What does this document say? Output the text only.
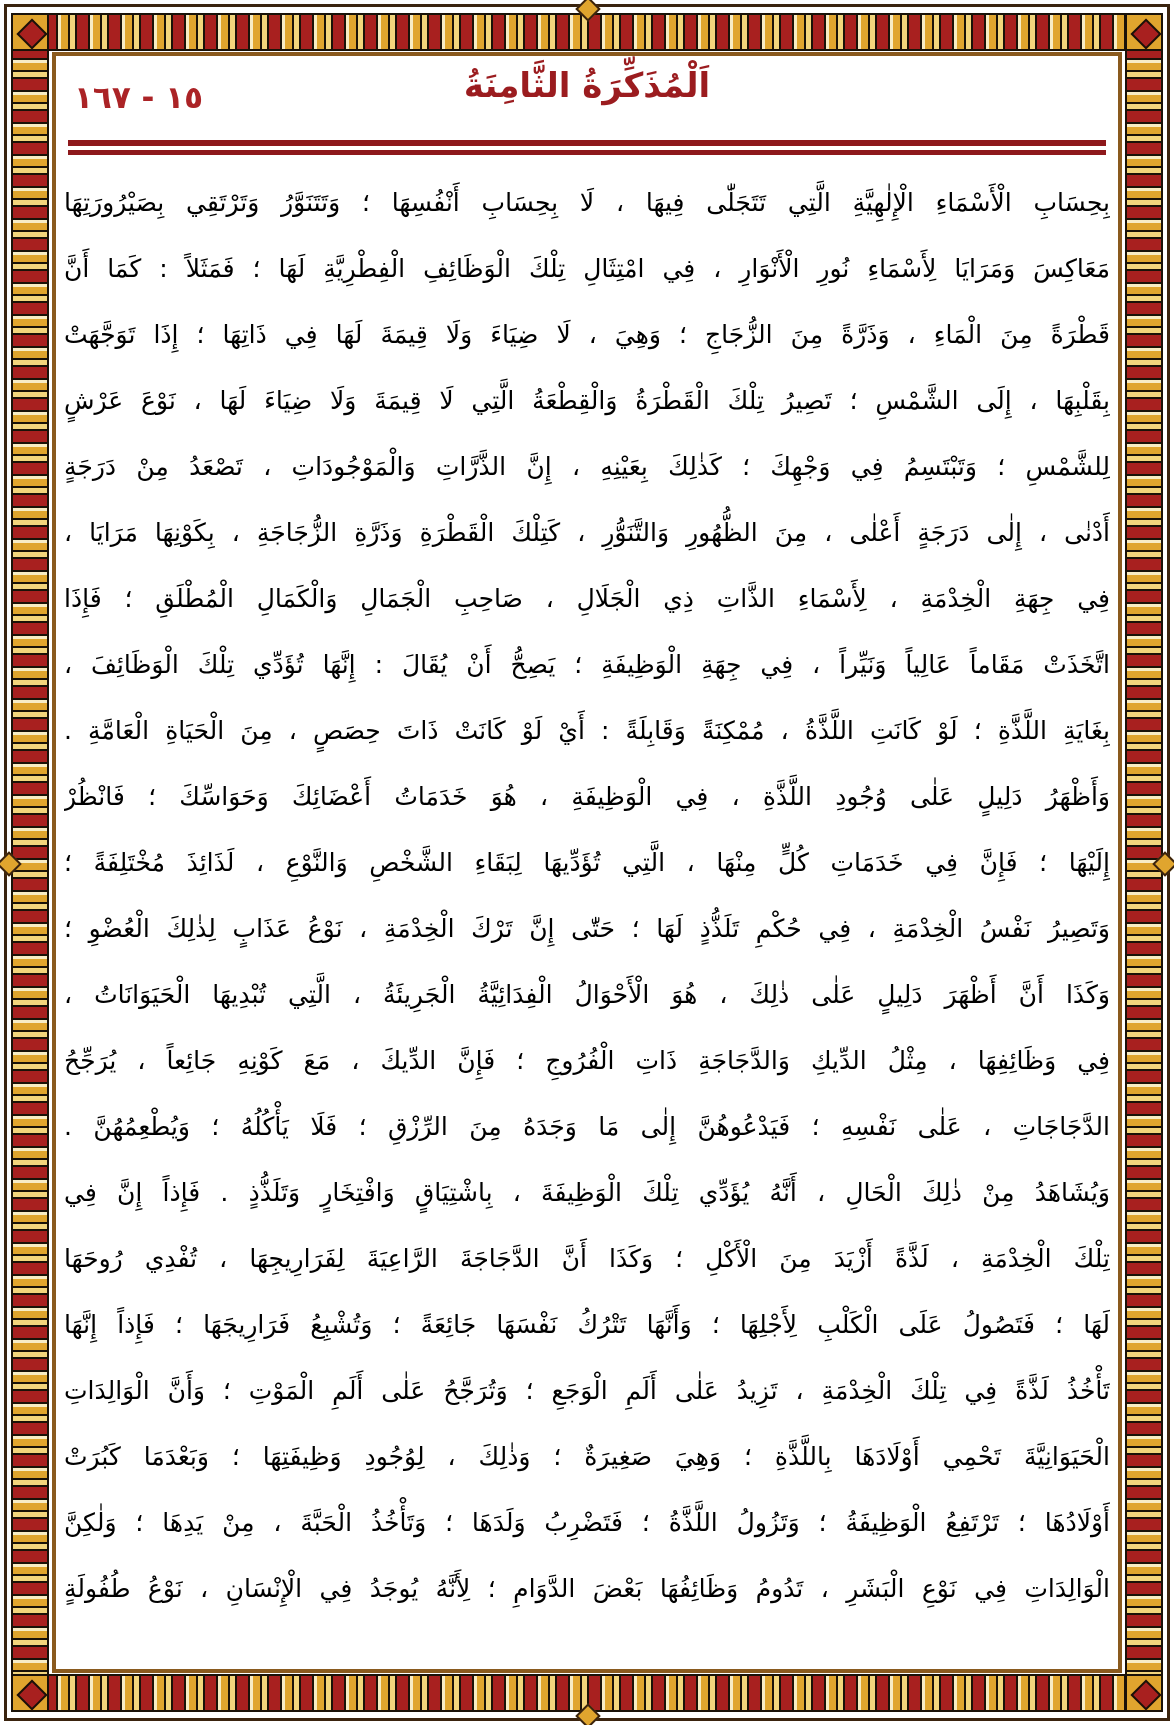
١٥ - ١٦٧	اَلْمُذَكِّرَةُ الثَّامِنَةُ

بِحِسَابِ الْأَسْمَاءِ الْإِلٰهِيَّةِ الَّتِي تَتَجَلّٰى فِيهَا ، لَا بِحِسَابِ أَنْفُسِهَا ؛ وَتَتَنَوَّرُ وَتَرْتَقِي بِصَيْرُورَتِهَا

مَعَاكِسَ وَمَرَايَا لِأَسْمَاءِ نُورِ الْأَنْوَارِ ، فِي امْتِثَالِ تِلْكَ الْوَظَائِفِ الْفِطْرِيَّةِ لَهَا ؛ فَمَثَلاً : كَمَا أَنَّ

قَطْرَةً مِنَ الْمَاءِ ، وَذَرَّةً مِنَ الزُّجَاجِ ؛ وَهِيَ ، لَا ضِيَاءَ وَلَا قِيمَةَ لَهَا فِي ذَاتِهَا ؛ إِذَا تَوَجَّهَتْ

بِقَلْبِهَا ، إِلَى الشَّمْسِ ؛ تَصِيرُ تِلْكَ الْقَطْرَةُ وَالْقِطْعَةُ الَّتِي لَا قِيمَةَ وَلَا ضِيَاءَ لَهَا ، نَوْعَ عَرْشٍ

لِلشَّمْسِ ؛ وَتَبْتَسِمُ فِي وَجْهِكَ ؛ كَذٰلِكَ بِعَيْنِهِ ، إِنَّ الذَّرَّاتِ وَالْمَوْجُودَاتِ ، تَصْعَدُ مِنْ دَرَجَةٍ

أَدْنٰى ، إِلٰى دَرَجَةٍ أَعْلٰى ، مِنَ الظُّهُورِ وَالتَّنَوُّرِ ، كَتِلْكَ الْقَطْرَةِ وَذَرَّةِ الزُّجَاجَةِ ، بِكَوْنِهَا مَرَايَا ،

فِي جِهَةِ الْخِدْمَةِ ، لِأَسْمَاءِ الذَّاتِ ذِي الْجَلَالِ ، صَاحِبِ الْجَمَالِ وَالْكَمَالِ الْمُطْلَقِ ؛ فَإِذَا

اتَّخَذَتْ مَقَاماً عَالِياً وَنَيِّراً ، فِي جِهَةِ الْوَظِيفَةِ ؛ يَصِحُّ أَنْ يُقَالَ : إِنَّهَا تُؤَدِّي تِلْكَ الْوَظَائِفَ ،

بِغَايَةِ اللَّذَّةِ ؛ لَوْ كَانَتِ اللَّذَّةُ ، مُمْكِنَةً وَقَابِلَةً : أَيْ لَوْ كَانَتْ ذَاتَ حِصَصٍ ، مِنَ الْحَيَاةِ الْعَامَّةِ .

وَأَظْهَرُ دَلِيلٍ عَلٰى وُجُودِ اللَّذَّةِ ، فِي الْوَظِيفَةِ ، هُوَ خَدَمَاتُ أَعْضَائِكَ وَحَوَاسِّكَ ؛ فَانْظُرْ

إِلَيْهَا ؛ فَإِنَّ فِي خَدَمَاتِ كُلٍّ مِنْهَا ، الَّتِي تُؤَدِّيهَا لِبَقَاءِ الشَّخْصِ وَالنَّوْعِ ، لَذَائِذَ مُخْتَلِفَةً ؛

وَتَصِيرُ نَفْسُ الْخِدْمَةِ ، فِي حُكْمِ تَلَذُّذٍ لَهَا ؛ حَتّٰى إِنَّ تَرْكَ الْخِدْمَةِ ، نَوْعُ عَذَابٍ لِذٰلِكَ الْعُضْوِ ؛

وَكَذَا أَنَّ أَظْهَرَ دَلِيلٍ عَلٰى ذٰلِكَ ، هُوَ الْأَحْوَالُ الْفِدَائِيَّةُ الْجَرِيئَةُ ، الَّتِي تُبْدِيهَا الْحَيَوَانَاتُ ،

فِي وَظَائِفِهَا ، مِثْلُ الدِّيكِ وَالدَّجَاجَةِ ذَاتِ الْفُرُوجِ ؛ فَإِنَّ الدِّيكَ ، مَعَ كَوْنِهِ جَائِعاً ، يُرَجِّحُ

الدَّجَاجَاتِ ، عَلٰى نَفْسِهِ ؛ فَيَدْعُوهُنَّ إِلٰى مَا وَجَدَهُ مِنَ الرِّزْقِ ؛ فَلَا يَأْكُلُهُ ؛ وَيُطْعِمُهُنَّ .

وَيُشَاهَدُ مِنْ ذٰلِكَ الْحَالِ ، أَنَّهُ يُؤَدِّي تِلْكَ الْوَظِيفَةَ ، بِاشْتِيَاقٍ وَافْتِخَارٍ وَتَلَذُّذٍ . فَإِذاً إِنَّ فِي

تِلْكَ الْخِدْمَةِ ، لَذَّةً أَزْيَدَ مِنَ الْأَكْلِ ؛ وَكَذَا أَنَّ الدَّجَاجَةَ الرَّاعِيَةَ لِفَرَارِيجِهَا ، تُفْدِي رُوحَهَا

لَهَا ؛ فَتَصُولُ عَلَى الْكَلْبِ لِأَجْلِهَا ؛ وَأَنَّهَا تَتْرُكُ نَفْسَهَا جَائِعَةً ؛ وَتُشْبِعُ فَرَارِيجَهَا ؛ فَإِذاً إِنَّهَا

تَأْخُذُ لَذَّةً فِي تِلْكَ الْخِدْمَةِ ، تَزِيدُ عَلٰى أَلَمِ الْوَجَعِ ؛ وَتُرَجَّحُ عَلٰى أَلَمِ الْمَوْتِ ؛ وَأَنَّ الْوَالِدَاتِ

الْحَيَوَانِيَّةَ تَحْمِي أَوْلَادَهَا بِاللَّذَّةِ ؛ وَهِيَ صَغِيرَةٌ ؛ وَذٰلِكَ ، لِوُجُودِ وَظِيفَتِهَا ؛ وَبَعْدَمَا كَبُرَتْ

أَوْلَادُهَا ؛ تَرْتَفِعُ الْوَظِيفَةُ ؛ وَتَزُولُ اللَّذَّةُ ؛ فَتَضْرِبُ وَلَدَهَا ؛ وَتَأْخُذُ الْحَبَّةَ ، مِنْ يَدِهَا ؛ وَلٰكِنَّ

الْوَالِدَاتِ فِي نَوْعِ الْبَشَرِ ، تَدُومُ وَظَائِفُهَا بَعْضَ الدَّوَامِ ؛ لِأَنَّهُ يُوجَدُ فِي الْإِنْسَانِ ، نَوْعُ طُفُولَةٍ
